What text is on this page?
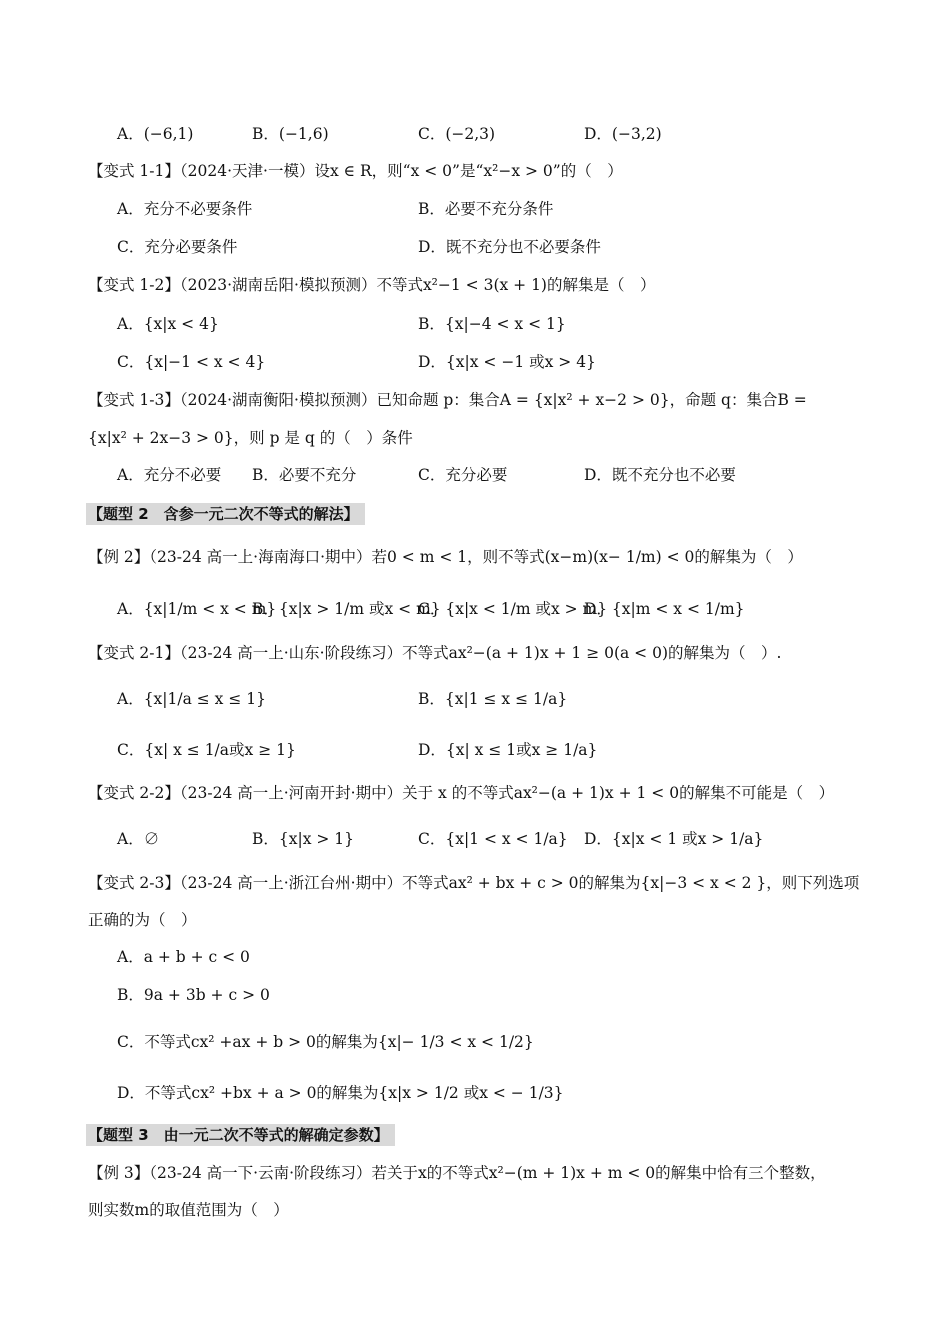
A．(−6,1)	B．(−1,6)	C．(−2,3)	D．(−3,2)
【变式 1-1】（2024·天津·一模）设x ∈ R，则“x < 0”是“x²−x > 0”的（　）
A．充分不必要条件	B．必要不充分条件
C．充分必要条件	D．既不充分也不必要条件
【变式 1-2】（2023·湖南岳阳·模拟预测）不等式x²−1 < 3(x + 1)的解集是（　）
A．{x|x < 4}	B．{x|−4 < x < 1}
C．{x|−1 < x < 4}	D．{x|x < −1 或x > 4}
【变式 1-3】（2024·湖南衡阳·模拟预测）已知命题 p：集合A = {x|x² + x−2 > 0}，命题 q：集合B =
{x|x² + 2x−3 > 0}，则 p 是 q 的（　）条件
A．充分不必要 B．必要不充分	C．充分必要	D．既不充分也不必要
【题型 2　含参一元二次不等式的解法】
【例 2】（23-24 高一上·海南海口·期中）若0 < m < 1，则不等式(x−m)(x− 1/m) < 0的解集为（　）
A．{x|1/m < x < m}
B．{x|x > 1/m 或x < m}
C．{x|x < 1/m 或x > m}
D．{x|m < x < 1/m}
【变式 2-1】（23-24 高一上·山东·阶段练习）不等式ax²−(a + 1)x + 1 ≥ 0(a < 0)的解集为（　）.
A．{x|1/a ≤ x ≤ 1}	B．{x|1 ≤ x ≤ 1/a}
C．{x| x ≤ 1/a或x ≥ 1}	D．{x| x ≤ 1或x ≥ 1/a}
【变式 2-2】（23-24 高一上·河南开封·期中）关于 x 的不等式ax²−(a + 1)x + 1 < 0的解集不可能是（　）
A．∅	B．{x|x > 1}	C．{x|1 < x < 1/a} D．{x|x < 1 或x > 1/a}
【变式 2-3】（23-24 高一上·浙江台州·期中）不等式ax² + bx + c > 0的解集为{x|−3 < x < 2 }，则下列选项
正确的为（　）
A．a + b + c < 0
B．9a + 3b + c > 0
C．不等式cx² +ax + b > 0的解集为{x|− 1/3 < x < 1/2}
D．不等式cx² +bx + a > 0的解集为{x|x > 1/2 或x < − 1/3}
【题型 3　由一元二次不等式的解确定参数】
【例 3】（23-24 高一下·云南·阶段练习）若关于x的不等式x²−(m + 1)x + m < 0的解集中恰有三个整数，
则实数m的取值范围为（　）
